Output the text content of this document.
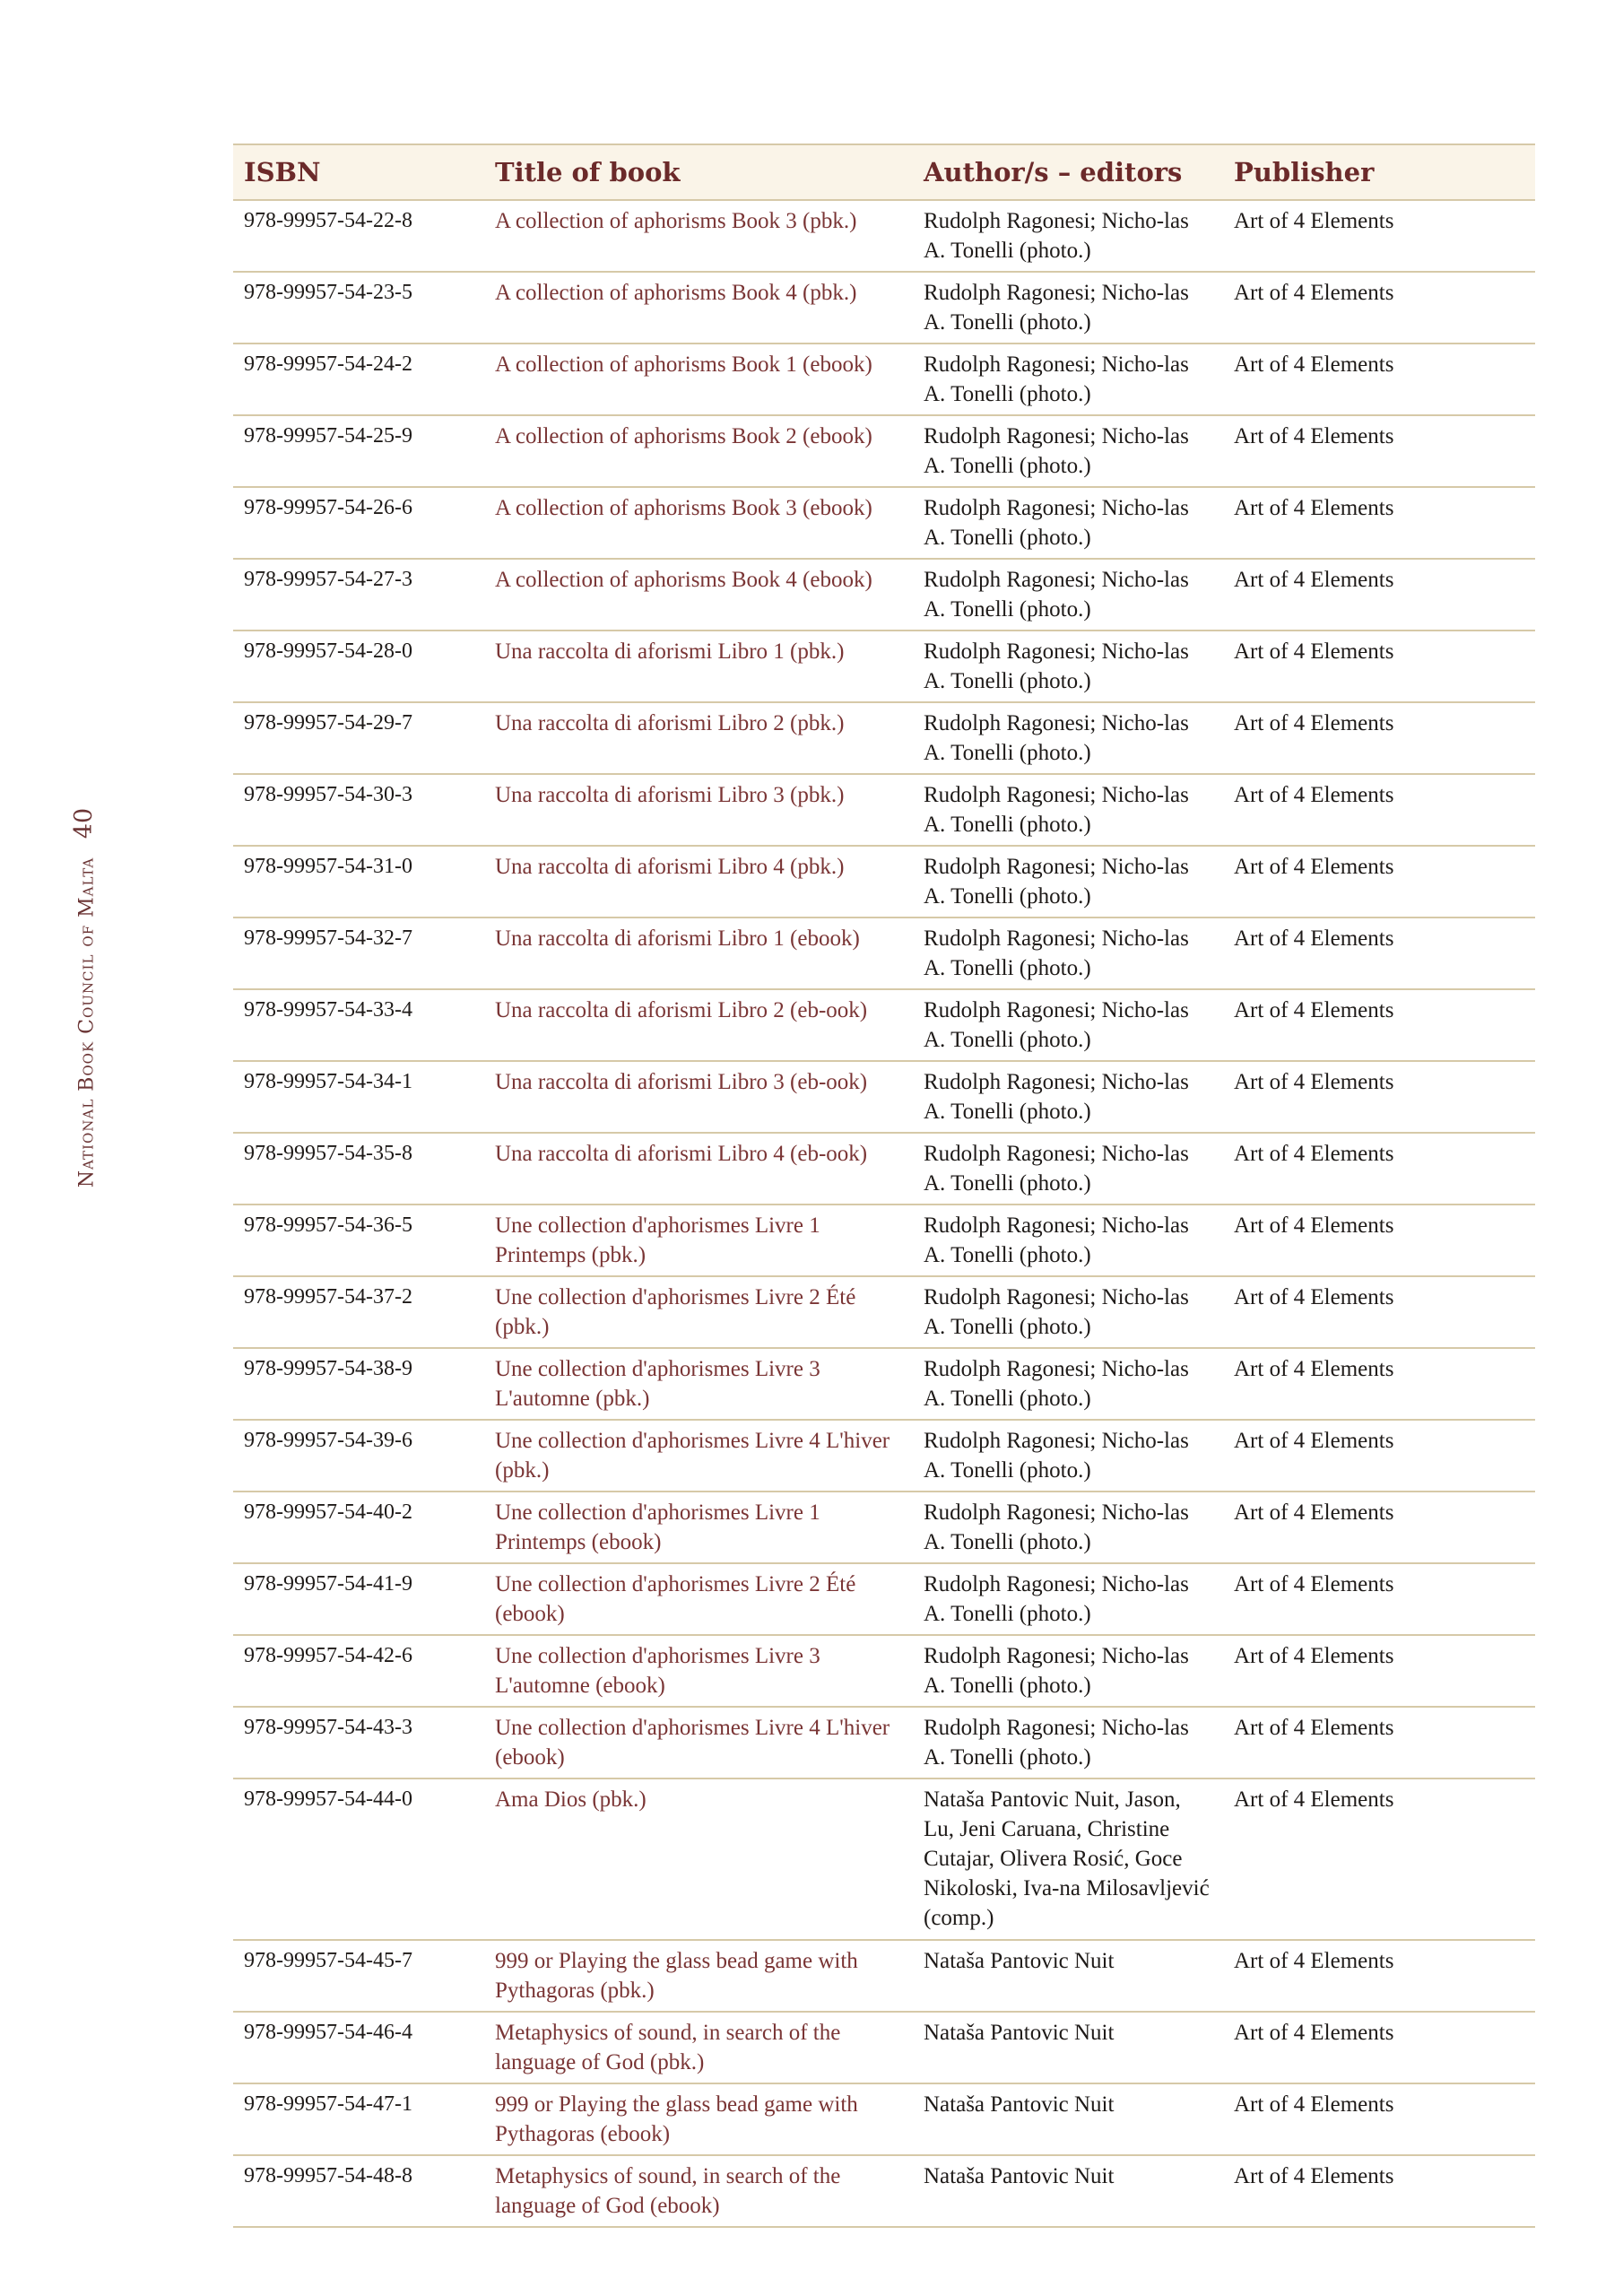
40
National Book Council of Malta
ISBN	Title of book	Author/s – editors	Publisher
978-99957-54-22-8	A collection of aphorisms Book 3 (pbk.)	Rudolph Ragonesi; Nicho-las A. Tonelli (photo.)	Art of 4 Elements
978-99957-54-23-5	A collection of aphorisms Book 4 (pbk.)	Rudolph Ragonesi; Nicho-las A. Tonelli (photo.)	Art of 4 Elements
978-99957-54-24-2	A collection of aphorisms Book 1 (ebook)	Rudolph Ragonesi; Nicho-las A. Tonelli (photo.)	Art of 4 Elements
978-99957-54-25-9	A collection of aphorisms Book 2 (ebook)	Rudolph Ragonesi; Nicho-las A. Tonelli (photo.)	Art of 4 Elements
978-99957-54-26-6	A collection of aphorisms Book 3 (ebook)	Rudolph Ragonesi; Nicho-las A. Tonelli (photo.)	Art of 4 Elements
978-99957-54-27-3	A collection of aphorisms Book 4 (ebook)	Rudolph Ragonesi; Nicho-las A. Tonelli (photo.)	Art of 4 Elements
978-99957-54-28-0	Una raccolta di aforismi Libro 1 (pbk.)	Rudolph Ragonesi; Nicho-las A. Tonelli (photo.)	Art of 4 Elements
978-99957-54-29-7	Una raccolta di aforismi Libro 2 (pbk.)	Rudolph Ragonesi; Nicho-las A. Tonelli (photo.)	Art of 4 Elements
978-99957-54-30-3	Una raccolta di aforismi Libro 3 (pbk.)	Rudolph Ragonesi; Nicho-las A. Tonelli (photo.)	Art of 4 Elements
978-99957-54-31-0	Una raccolta di aforismi Libro 4 (pbk.)	Rudolph Ragonesi; Nicho-las A. Tonelli (photo.)	Art of 4 Elements
978-99957-54-32-7	Una raccolta di aforismi Libro 1 (ebook)	Rudolph Ragonesi; Nicho-las A. Tonelli (photo.)	Art of 4 Elements
978-99957-54-33-4	Una raccolta di aforismi Libro 2 (eb-ook)	Rudolph Ragonesi; Nicho-las A. Tonelli (photo.)	Art of 4 Elements
978-99957-54-34-1	Una raccolta di aforismi Libro 3 (eb-ook)	Rudolph Ragonesi; Nicho-las A. Tonelli (photo.)	Art of 4 Elements
978-99957-54-35-8	Una raccolta di aforismi Libro 4 (eb-ook)	Rudolph Ragonesi; Nicho-las A. Tonelli (photo.)	Art of 4 Elements
978-99957-54-36-5	Une collection d'aphorismes Livre 1 Printemps (pbk.)	Rudolph Ragonesi; Nicho-las A. Tonelli (photo.)	Art of 4 Elements
978-99957-54-37-2	Une collection d'aphorismes Livre 2 Été (pbk.)	Rudolph Ragonesi; Nicho-las A. Tonelli (photo.)	Art of 4 Elements
978-99957-54-38-9	Une collection d'aphorismes Livre 3 L'automne (pbk.)	Rudolph Ragonesi; Nicho-las A. Tonelli (photo.)	Art of 4 Elements
978-99957-54-39-6	Une collection d'aphorismes Livre 4 L'hiver (pbk.)	Rudolph Ragonesi; Nicho-las A. Tonelli (photo.)	Art of 4 Elements
978-99957-54-40-2	Une collection d'aphorismes Livre 1 Printemps (ebook)	Rudolph Ragonesi; Nicho-las A. Tonelli (photo.)	Art of 4 Elements
978-99957-54-41-9	Une collection d'aphorismes Livre 2 Été (ebook)	Rudolph Ragonesi; Nicho-las A. Tonelli (photo.)	Art of 4 Elements
978-99957-54-42-6	Une collection d'aphorismes Livre 3 L'automne (ebook)	Rudolph Ragonesi; Nicho-las A. Tonelli (photo.)	Art of 4 Elements
978-99957-54-43-3	Une collection d'aphorismes Livre 4 L'hiver (ebook)	Rudolph Ragonesi; Nicho-las A. Tonelli (photo.)	Art of 4 Elements
978-99957-54-44-0	Ama Dios (pbk.)	Nataša Pantovic Nuit, Jason, Lu, Jeni Caruana, Christine Cutajar, Olivera Rosić, Goce Nikoloski, Iva-na Milosavljević (comp.)	Art of 4 Elements
978-99957-54-45-7	999 or Playing the glass bead game with Pythagoras (pbk.)	Nataša Pantovic Nuit	Art of 4 Elements
978-99957-54-46-4	Metaphysics of sound, in search of the language of God (pbk.)	Nataša Pantovic Nuit	Art of 4 Elements
978-99957-54-47-1	999 or Playing the glass bead game with Pythagoras (ebook)	Nataša Pantovic Nuit	Art of 4 Elements
978-99957-54-48-8	Metaphysics of sound, in search of the language of God (ebook)	Nataša Pantovic Nuit	Art of 4 Elements
